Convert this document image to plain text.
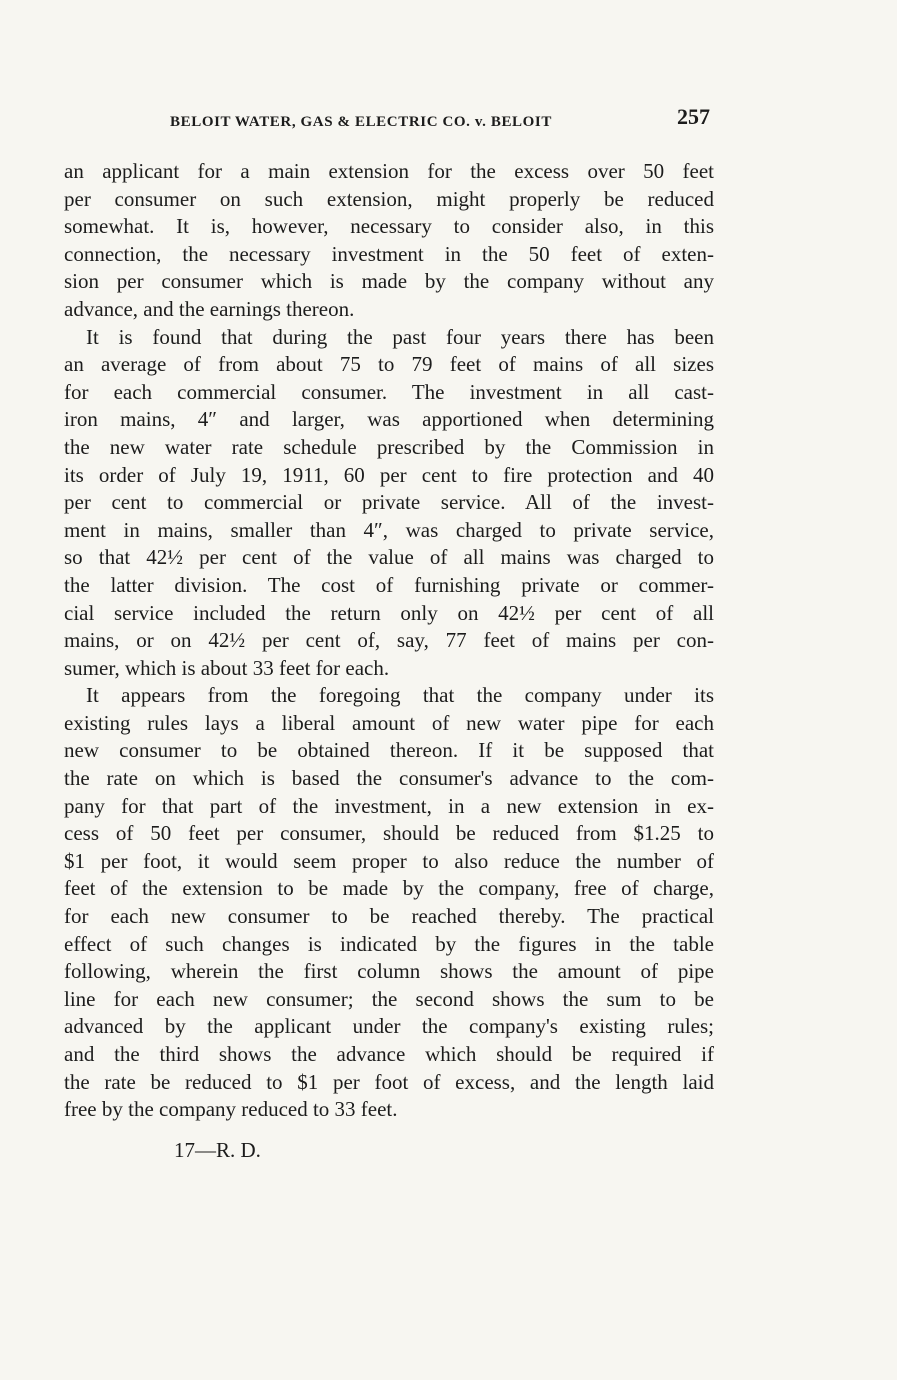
BELOIT WATER, GAS & ELECTRIC CO. v. BELOIT	257
an applicant for a main extension for the excess over 50 feet
per consumer on such extension, might properly be reduced
somewhat. It is, however, necessary to consider also, in this
connection, the necessary investment in the 50 feet of exten-
sion per consumer which is made by the company without any
advance, and the earnings thereon.
It is found that during the past four years there has been
an average of from about 75 to 79 feet of mains of all sizes
for each commercial consumer. The investment in all cast-
iron mains, 4″ and larger, was apportioned when determining
the new water rate schedule prescribed by the Commission in
its order of July 19, 1911, 60 per cent to fire protection and 40
per cent to commercial or private service. All of the invest-
ment in mains, smaller than 4″, was charged to private service,
so that 42½ per cent of the value of all mains was charged to
the latter division. The cost of furnishing private or commer-
cial service included the return only on 42½ per cent of all
mains, or on 42½ per cent of, say, 77 feet of mains per con-
sumer, which is about 33 feet for each.
It appears from the foregoing that the company under its
existing rules lays a liberal amount of new water pipe for each
new consumer to be obtained thereon. If it be supposed that
the rate on which is based the consumer's advance to the com-
pany for that part of the investment, in a new extension in ex-
cess of 50 feet per consumer, should be reduced from $1.25 to
$1 per foot, it would seem proper to also reduce the number of
feet of the extension to be made by the company, free of charge,
for each new consumer to be reached thereby. The practical
effect of such changes is indicated by the figures in the table
following, wherein the first column shows the amount of pipe
line for each new consumer; the second shows the sum to be
advanced by the applicant under the company's existing rules;
and the third shows the advance which should be required if
the rate be reduced to $1 per foot of excess, and the length laid
free by the company reduced to 33 feet.
17—R. D.
